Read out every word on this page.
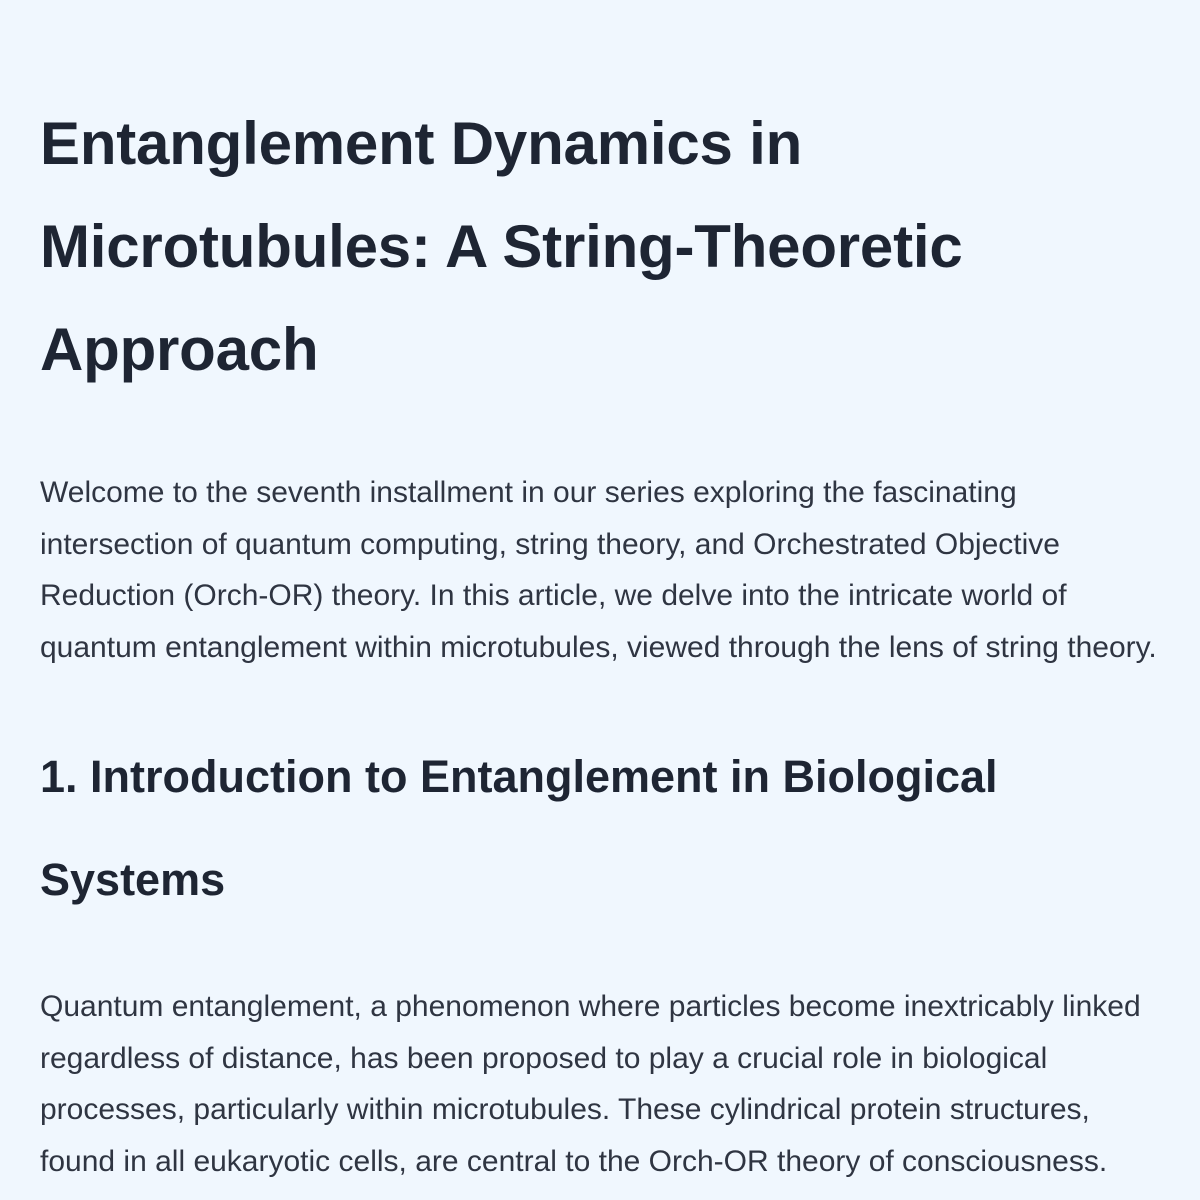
Entanglement Dynamics in Microtubules: A String-Theoretic Approach

Welcome to the seventh installment in our series exploring the fascinating intersection of quantum computing, string theory, and Orchestrated Objective Reduction (Orch-OR) theory. In this article, we delve into the intricate world of quantum entanglement within microtubules, viewed through the lens of string theory.

1. Introduction to Entanglement in Biological Systems

Quantum entanglement, a phenomenon where particles become inextricably linked regardless of distance, has been proposed to play a crucial role in biological processes, particularly within microtubules. These cylindrical protein structures, found in all eukaryotic cells, are central to the Orch-OR theory of consciousness.
